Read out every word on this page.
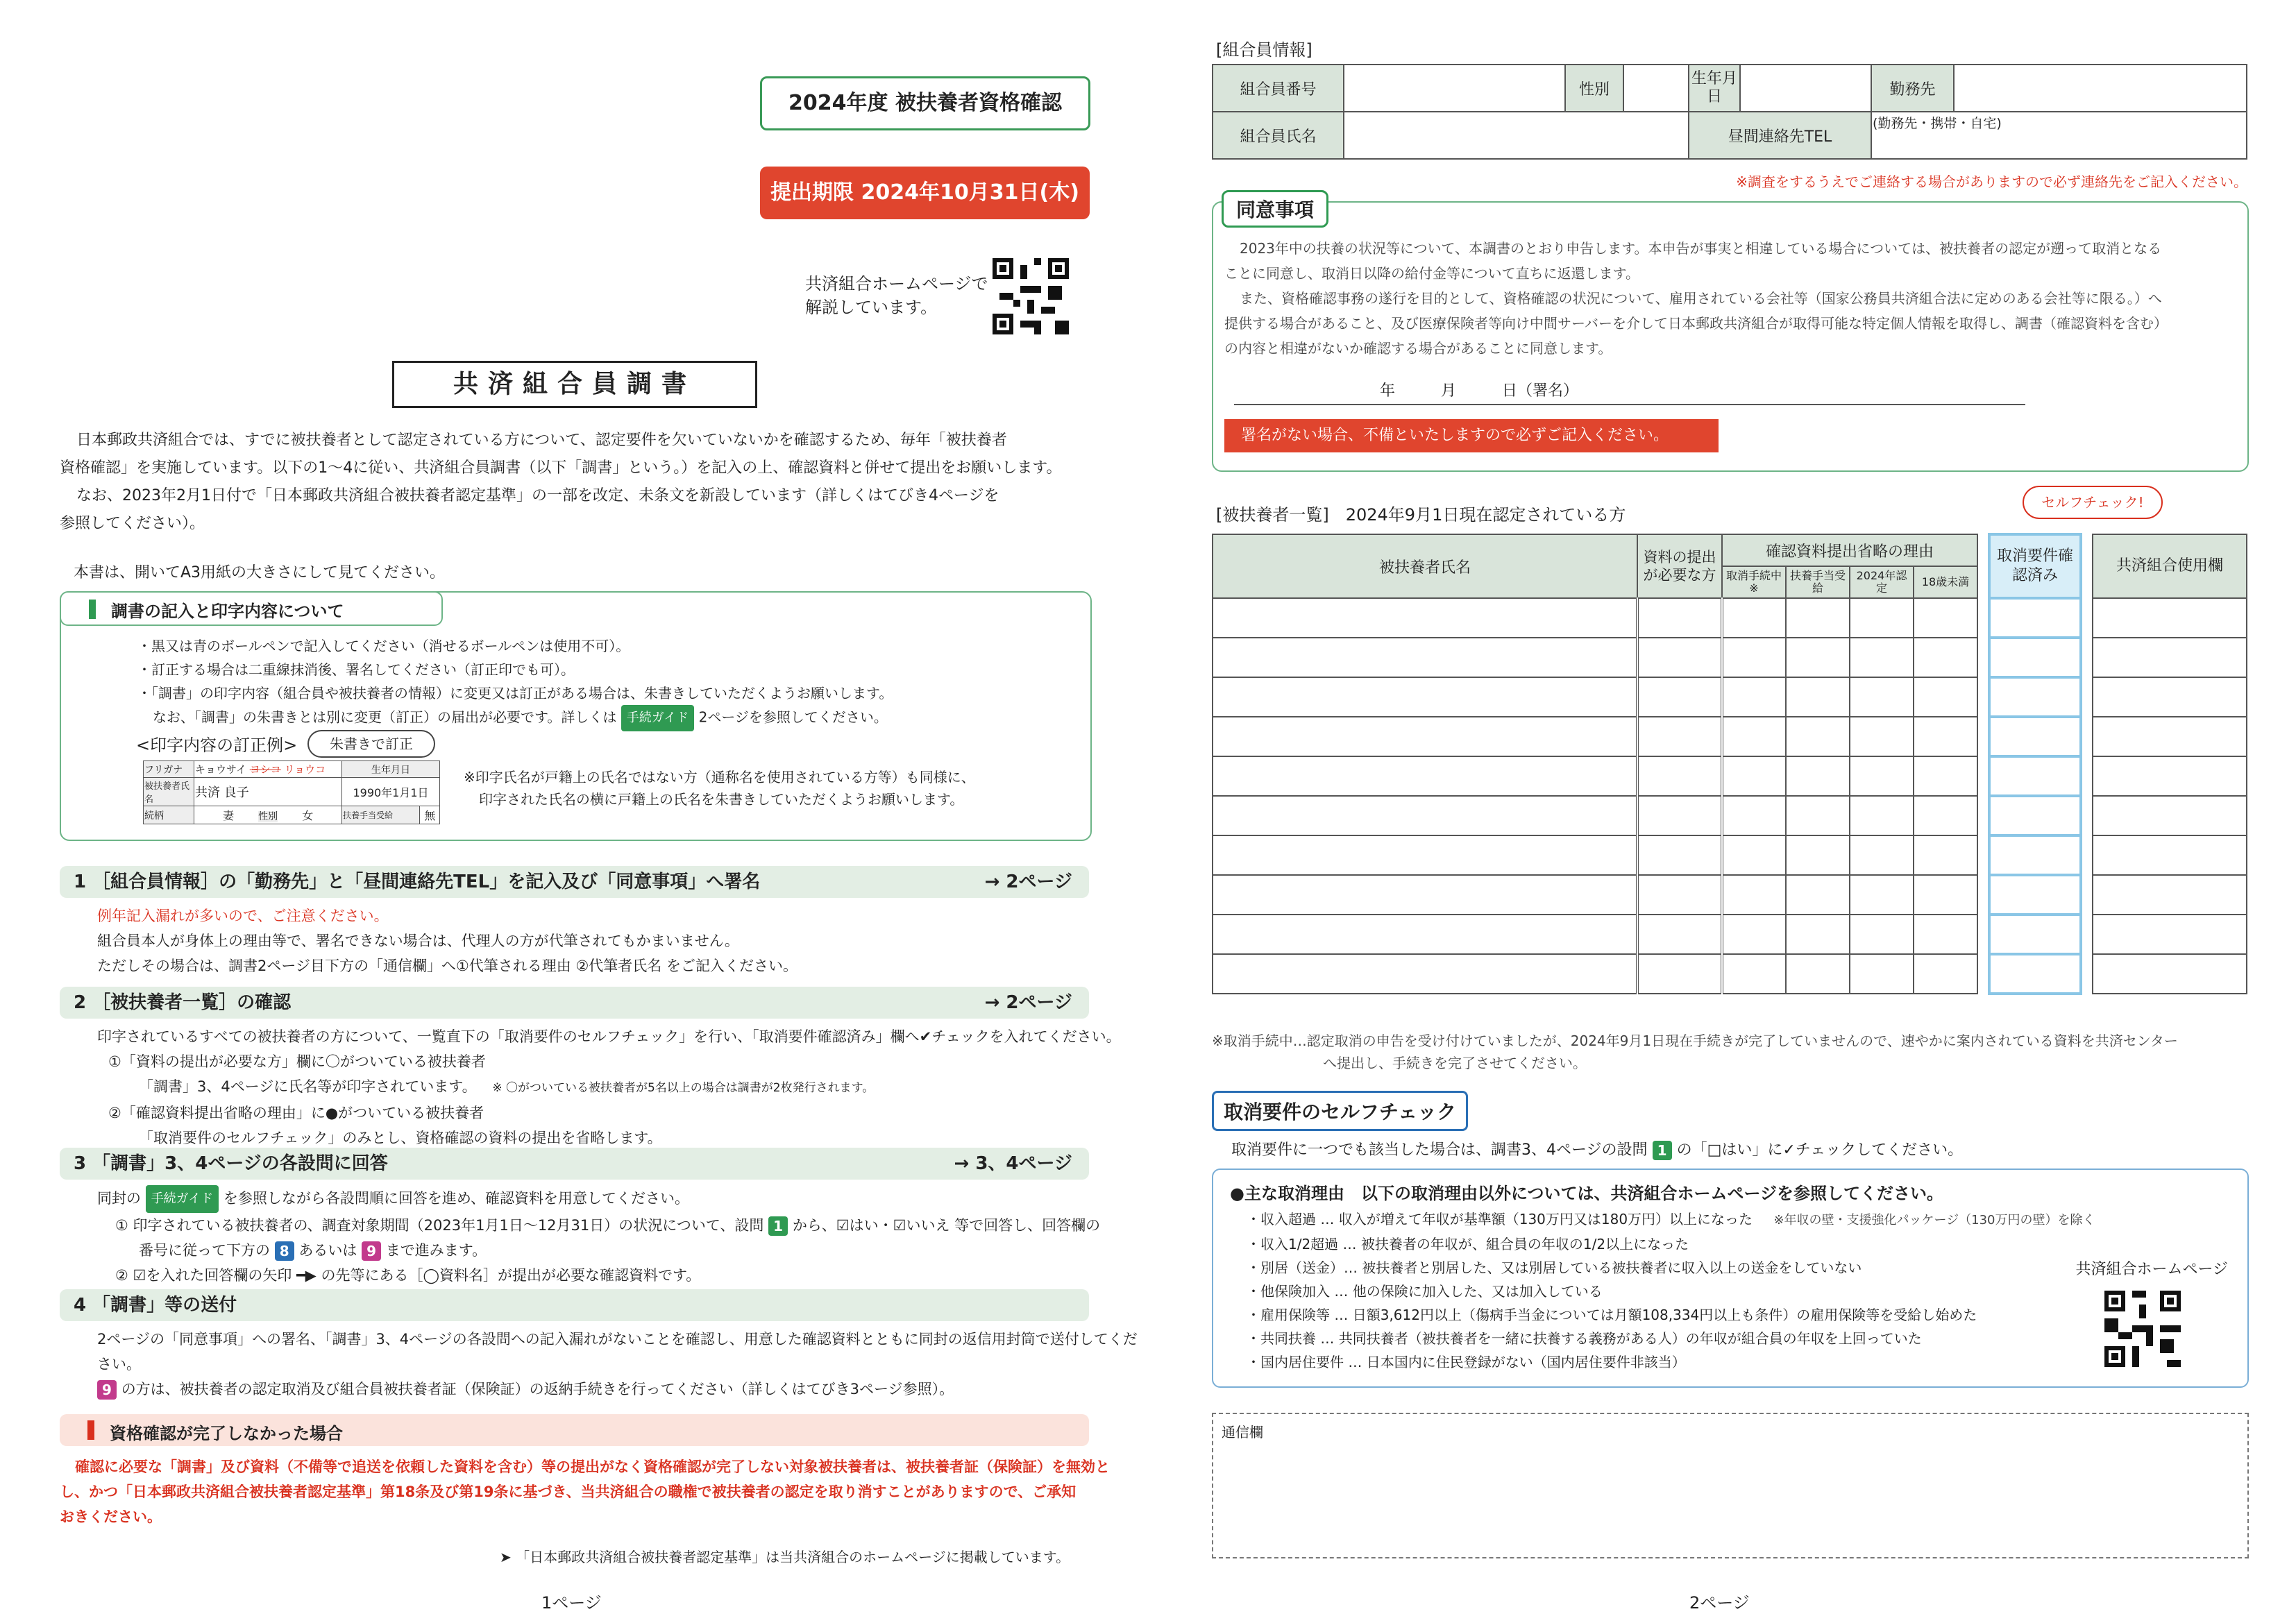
2024年度 被扶養者資格確認
提出期限 2024年10月31日(木)
共済組合ホームページで
解説しています。
共済組合員調書
日本郵政共済組合では、すでに被扶養者として認定されている方について、認定要件を欠いていないかを確認するため、毎年「被扶養者
資格確認」を実施しています。以下の1～4に従い、共済組合員調書（以下「調書」という。）を記入の上、確認資料と併せて提出をお願いします。
なお、2023年2月1日付で「日本郵政共済組合被扶養者認定基準」の一部を改定、未条文を新設しています（詳しくはてびき4ページを
参照してください）。
本書は、開いてA3用紙の大きさにして見てください。
調書の記入と印字内容について
・黒又は青のボールペンで記入してください（消せるボールペンは使用不可）。
・訂正する場合は二重線抹消後、署名してください（訂正印でも可）。
・「調書」の印字内容（組合員や被扶養者の情報）に変更又は訂正がある場合は、朱書きしていただくようお願いします。
なお、「調書」の朱書きとは別に変更（訂正）の届出が必要です。詳しくは 手続ガイド 2ページを参照してください。
<印字内容の訂正例>	朱書きで訂正
フリガナ	キョウサイ ヨシコ リョウコ	生年月日	
被扶養者氏名	共済 良子	1990年1月1日	
続柄	妻 性別 女	扶養手当受給	無
※印字氏名が戸籍上の氏名ではない方（通称名を使用されている方等）も同様に、
印字された氏名の横に戸籍上の氏名を朱書きしていただくようお願いします。
1 ［組合員情報］の「勤務先」と「昼間連絡先TEL」を記入及び「同意事項」へ署名	→ 2ページ
例年記入漏れが多いので、ご注意ください。
組合員本人が身体上の理由等で、署名できない場合は、代理人の方が代筆されてもかまいません。
ただしその場合は、調書2ページ目下方の「通信欄」へ①代筆される理由 ②代筆者氏名 をご記入ください。
2 ［被扶養者一覧］の確認	→ 2ページ
印字されているすべての被扶養者の方について、一覧直下の「取消要件のセルフチェック」を行い、「取消要件確認済み」欄へ✔チェックを入れてください。
①「資料の提出が必要な方」欄に〇がついている被扶養者
「調書」3、4ページに氏名等が印字されています。 ※ 〇がついている被扶養者が5名以上の場合は調書が2枚発行されます。
②「確認資料提出省略の理由」に●がついている被扶養者
「取消要件のセルフチェック」のみとし、資格確認の資料の提出を省略します。
3 「調書」3、4ページの各設問に回答	→ 3、4ページ
同封の 手続ガイド を参照しながら各設問順に回答を進め、確認資料を用意してください。
① 印字されている被扶養者の、調査対象期間（2023年1月1日～12月31日）の状況について、設問 1 から、☑はい・☑いいえ 等で回答し、回答欄の
番号に従って下方の 8 あるいは 9 まで進みます。
② ☑を入れた回答欄の矢印 ━▶ の先等にある［◯資料名］が提出が必要な確認資料です。
4 「調書」等の送付
2ページの「同意事項」への署名、「調書」3、4ページの各設問への記入漏れがないことを確認し、用意した確認資料とともに同封の返信用封筒で送付してくだ
さい。
9 の方は、被扶養者の認定取消及び組合員被扶養者証（保険証）の返納手続きを行ってください（詳しくはてびき3ページ参照）。
資格確認が完了しなかった場合
確認に必要な「調書」及び資料（不備等で追送を依頼した資料を含む）等の提出がなく資格確認が完了しない対象被扶養者は、被扶養者証（保険証）を無効と
し、かつ「日本郵政共済組合被扶養者認定基準」第18条及び第19条に基づき、当共済組合の職権で被扶養者の認定を取り消すことがありますので、ご承知
おきください。
➤ 「日本郵政共済組合被扶養者認定基準」は当共済組合のホームページに掲載しています。
1ページ
[組合員情報]
組合員番号		性別		生年月日		勤務先	
組合員氏名				昼間連絡先TEL		(勤務先・携帯・自宅)	
※調査をするうえでご連絡する場合がありますので必ず連絡先をご記入ください。
同意事項
2023年中の扶養の状況等について、本調書のとおり申告します。本申告が事実と相違している場合については、被扶養者の認定が遡って取消となる
ことに同意し、取消日以降の給付金等について直ちに返還します。
また、資格確認事務の遂行を目的として、資格確認の状況について、雇用されている会社等（国家公務員共済組合法に定めのある会社等に限る。）へ
提供する場合があること、及び医療保険者等向け中間サーバーを介して日本郵政共済組合が取得可能な特定個人情報を取得し、調書（確認資料を含む）
の内容と相違がないか確認する場合があることに同意します。
年　　　月　　　日（署名）
署名がない場合、不備といたしますので必ずご記入ください。
[被扶養者一覧]　2024年9月1日現在認定されている方
セルフチェック!
被扶養者氏名	資料の提出が必要な方	確認資料提出省略の理由					取消要件確認済み		共済組合使用欄
		取消手続中※	扶養手当受給	2024年認定	18歳未満				

※取消手続中…認定取消の申告を受け付けていましたが、2024年9月1日現在手続きが完了していませんので、速やかに案内されている資料を共済センター
へ提出し、手続きを完了させてください。
取消要件のセルフチェック
取消要件に一つでも該当した場合は、調書3、4ページの設問 1 の「□はい」に✓チェックしてください。
●主な取消理由　以下の取消理由以外については、共済組合ホームページを参照してください。
・収入超過 … 収入が増えて年収が基準額（130万円又は180万円）以上になった ※年収の壁・支援強化パッケージ（130万円の壁）を除く
・収入1/2超過 … 被扶養者の年収が、組合員の年収の1/2以上になった
・別居（送金）… 被扶養者と別居した、又は別居している被扶養者に収入以上の送金をしていない
・他保険加入 … 他の保険に加入した、又は加入している
・雇用保険等 … 日額3,612円以上（傷病手当金については月額108,334円以上も条件）の雇用保険等を受給し始めた
・共同扶養 … 共同扶養者（被扶養者を一緒に扶養する義務がある人）の年収が組合員の年収を上回っていた
・国内居住要件 … 日本国内に住民登録がない（国内居住要件非該当）
共済組合ホームページ
通信欄
2ページ
